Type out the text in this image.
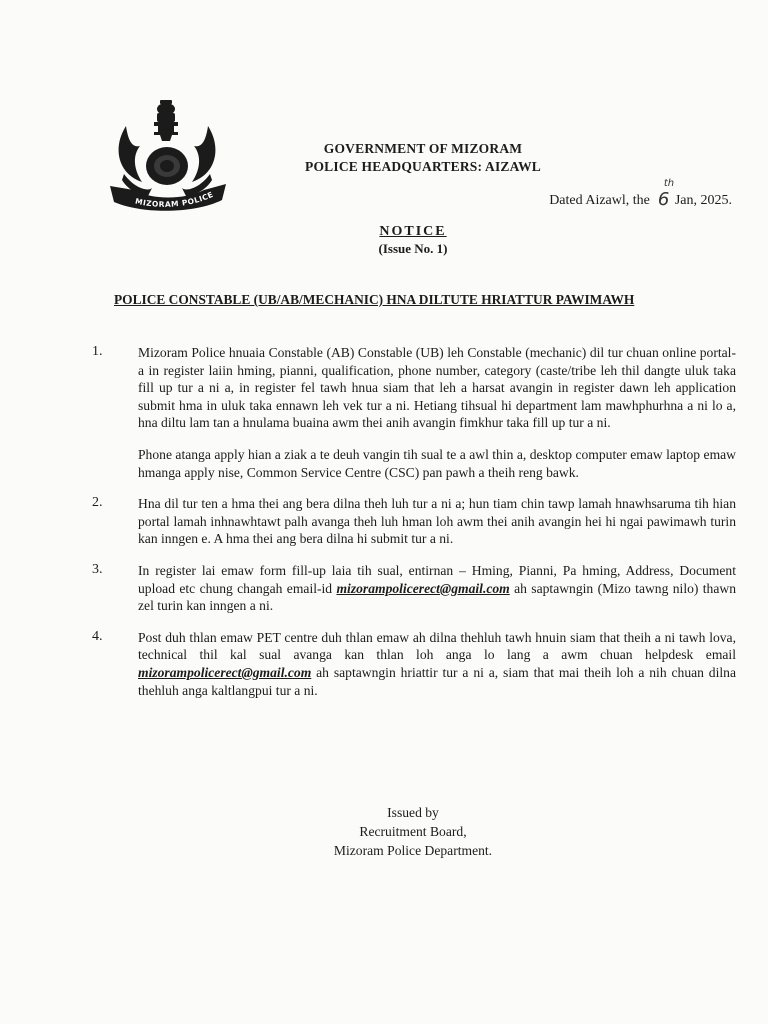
MIZORAM POLICE
GOVERNMENT OF MIZORAM
POLICE HEADQUARTERS: AIZAWL
Dated Aizawl, the 6
th
Jan, 2025.
NOTICE
(Issue No. 1)
POLICE CONSTABLE (UB/AB/MECHANIC) HNA DILTUTE HRIATTUR PAWIMAWH
1.	Mizoram Police hnuaia Constable (AB) Constable (UB) leh Constable (mechanic) dil tur chuan online portal-a in register laiin hming, pianni, qualification, phone number, category (caste/tribe leh thil dangte uluk taka fill up tur a ni a, in register fel tawh hnua siam that leh a harsat avangin in register dawn leh application submit hma in uluk taka ennawn leh vek tur a ni. Hetiang tihsual hi department lam mawhphurhna a ni lo a, hna diltu lam tan a hnulama buaina awm thei anih avangin fimkhur taka fill up tur a ni.

Phone atanga apply hian a ziak a te deuh vangin tih sual te a awl thin a, desktop computer emaw laptop emaw hmanga apply nise, Common Service Centre (CSC) pan pawh a theih reng bawk.

2.	Hna dil tur ten a hma thei ang bera dilna theh luh tur a ni a; hun tiam chin tawp lamah hnawhsaruma tih hian portal lamah inhnawhtawt palh avanga theh luh hman loh awm thei anih avangin hei hi ngai pawimawh turin kan inngen e. A hma thei ang bera dilna hi submit tur a ni.

3.	In register lai emaw form fill-up laia tih sual, entirnan – Hming, Pianni, Pa hming, Address, Document upload etc chung changah email-id mizorampolicerect@gmail.com ah saptawngin (Mizo tawng nilo) thawn zel turin kan inngen a ni.

4.	Post duh thlan emaw PET centre duh thlan emaw ah dilna thehluh tawh hnuin siam that theih a ni tawh lova, technical thil kal sual avanga kan thlan loh anga lo lang a awm chuan helpdesk email mizorampolicerect@gmail.com ah saptawngin hriattir tur a ni a, siam that mai theih loh a nih chuan dilna thehluh anga kaltlangpui tur a ni.

Issued by
Recruitment Board,
Mizoram Police Department.
